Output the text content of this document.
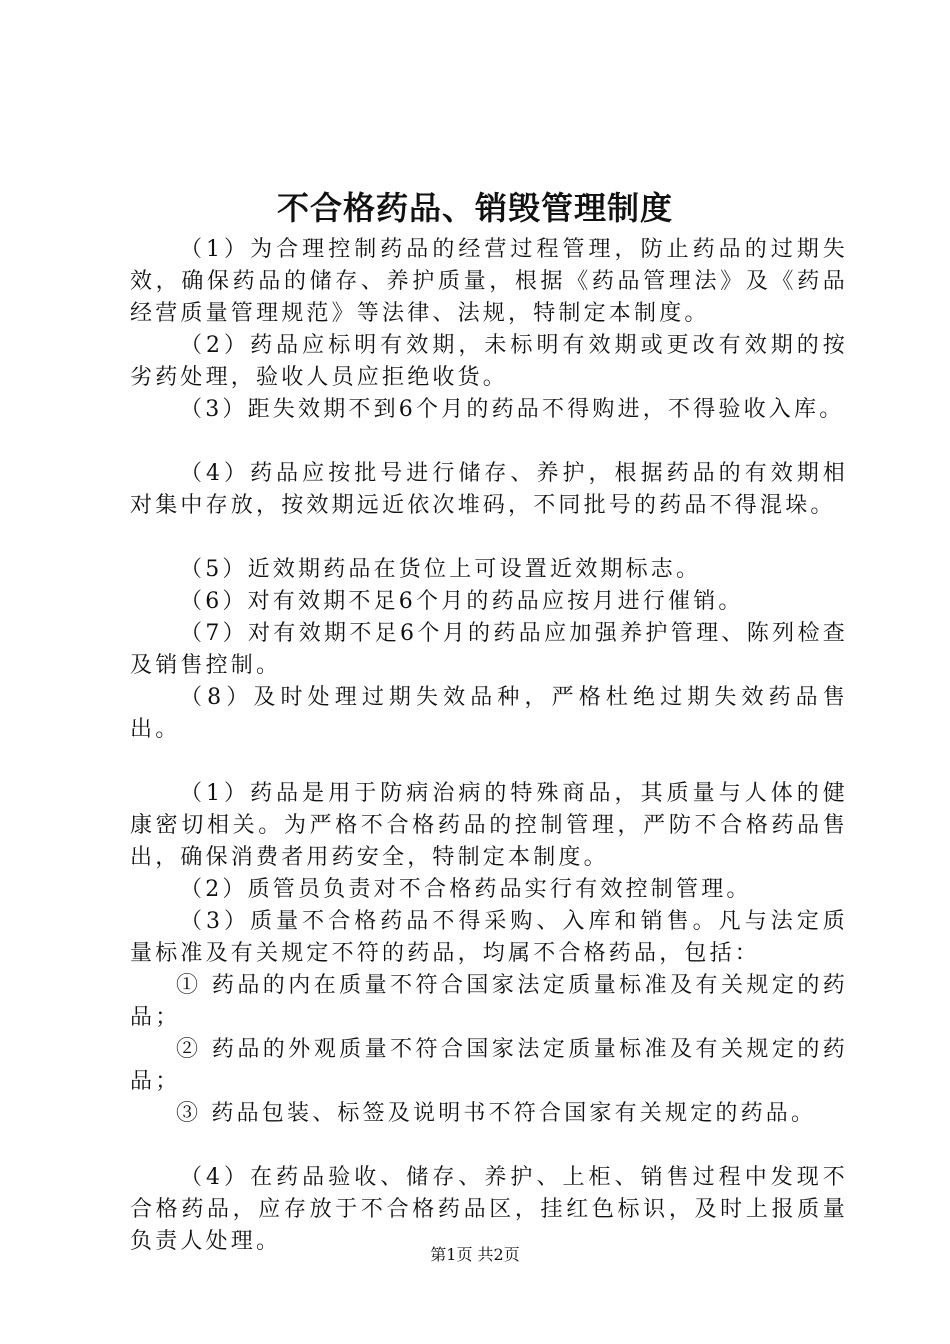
不合格药品、销毁管理制度

（1）为合理控制药品的经营过程管理，防止药品的过期失效，确保药品的储存、养护质量，根据《药品管理法》及《药品经营质量管理规范》等法律、法规，特制定本制度。

（2）药品应标明有效期，未标明有效期或更改有效期的按劣药处理，验收人员应拒绝收货。

（3）距失效期不到6个月的药品不得购进，不得验收入库。

（4）药品应按批号进行储存、养护，根据药品的有效期相对集中存放，按效期远近依次堆码，不同批号的药品不得混垛。

（5）近效期药品在货位上可设置近效期标志。

（6）对有效期不足6个月的药品应按月进行催销。

（7）对有效期不足6个月的药品应加强养护管理、陈列检查及销售控制。

（8）及时处理过期失效品种，严格杜绝过期失效药品售出。

（1）药品是用于防病治病的特殊商品，其质量与人体的健康密切相关。为严格不合格药品的控制管理，严防不合格药品售出，确保消费者用药安全，特制定本制度。

（2）质管员负责对不合格药品实行有效控制管理。

（3）质量不合格药品不得采购、入库和销售。凡与法定质量标准及有关规定不符的药品，均属不合格药品，包括：

① 药品的内在质量不符合国家法定质量标准及有关规定的药品；

② 药品的外观质量不符合国家法定质量标准及有关规定的药品；

③ 药品包装、标签及说明书不符合国家有关规定的药品。

（4）在药品验收、储存、养护、上柜、销售过程中发现不合格药品，应存放于不合格药品区，挂红色标识，及时上报质量负责人处理。

第1页 共2页
